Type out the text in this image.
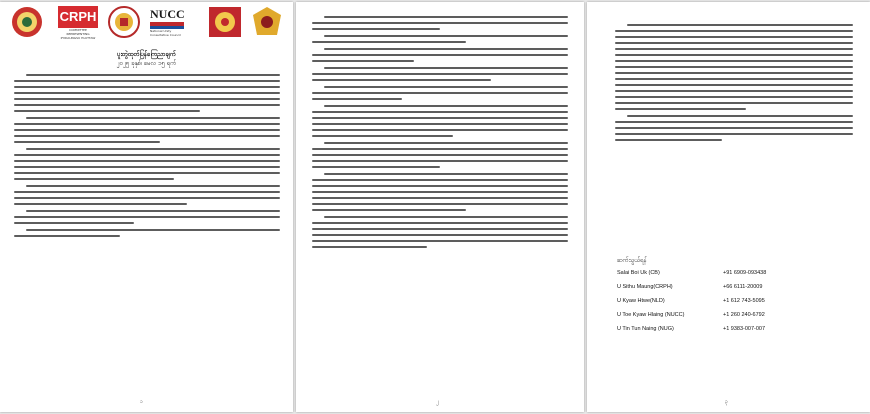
CRPH
COMMITTEE REPRESENTING PYIDAUNGSU HLUTTAW
NUCC
National Unity Consultative Council
ပူးတွဲထုတ်ပြန်ကြေညာချက်
၂၀၂၅ ခုနှစ်၊ မေလ ၁၅ ရက်
၁	၂
ဆက်သွယ်ရန်
Salai Boi Uk (CB)	+91 6909-093438
U Sithu Maung(CRPH)	+66 6111-20009
U Kyaw Htwe(NLD)	+1 612 743-5095
U Toe Kyaw Hlaing (NUCC)	+1 260 240-6792
U Tin Tun Naing (NUG)	+1 9383-007-007
၃
